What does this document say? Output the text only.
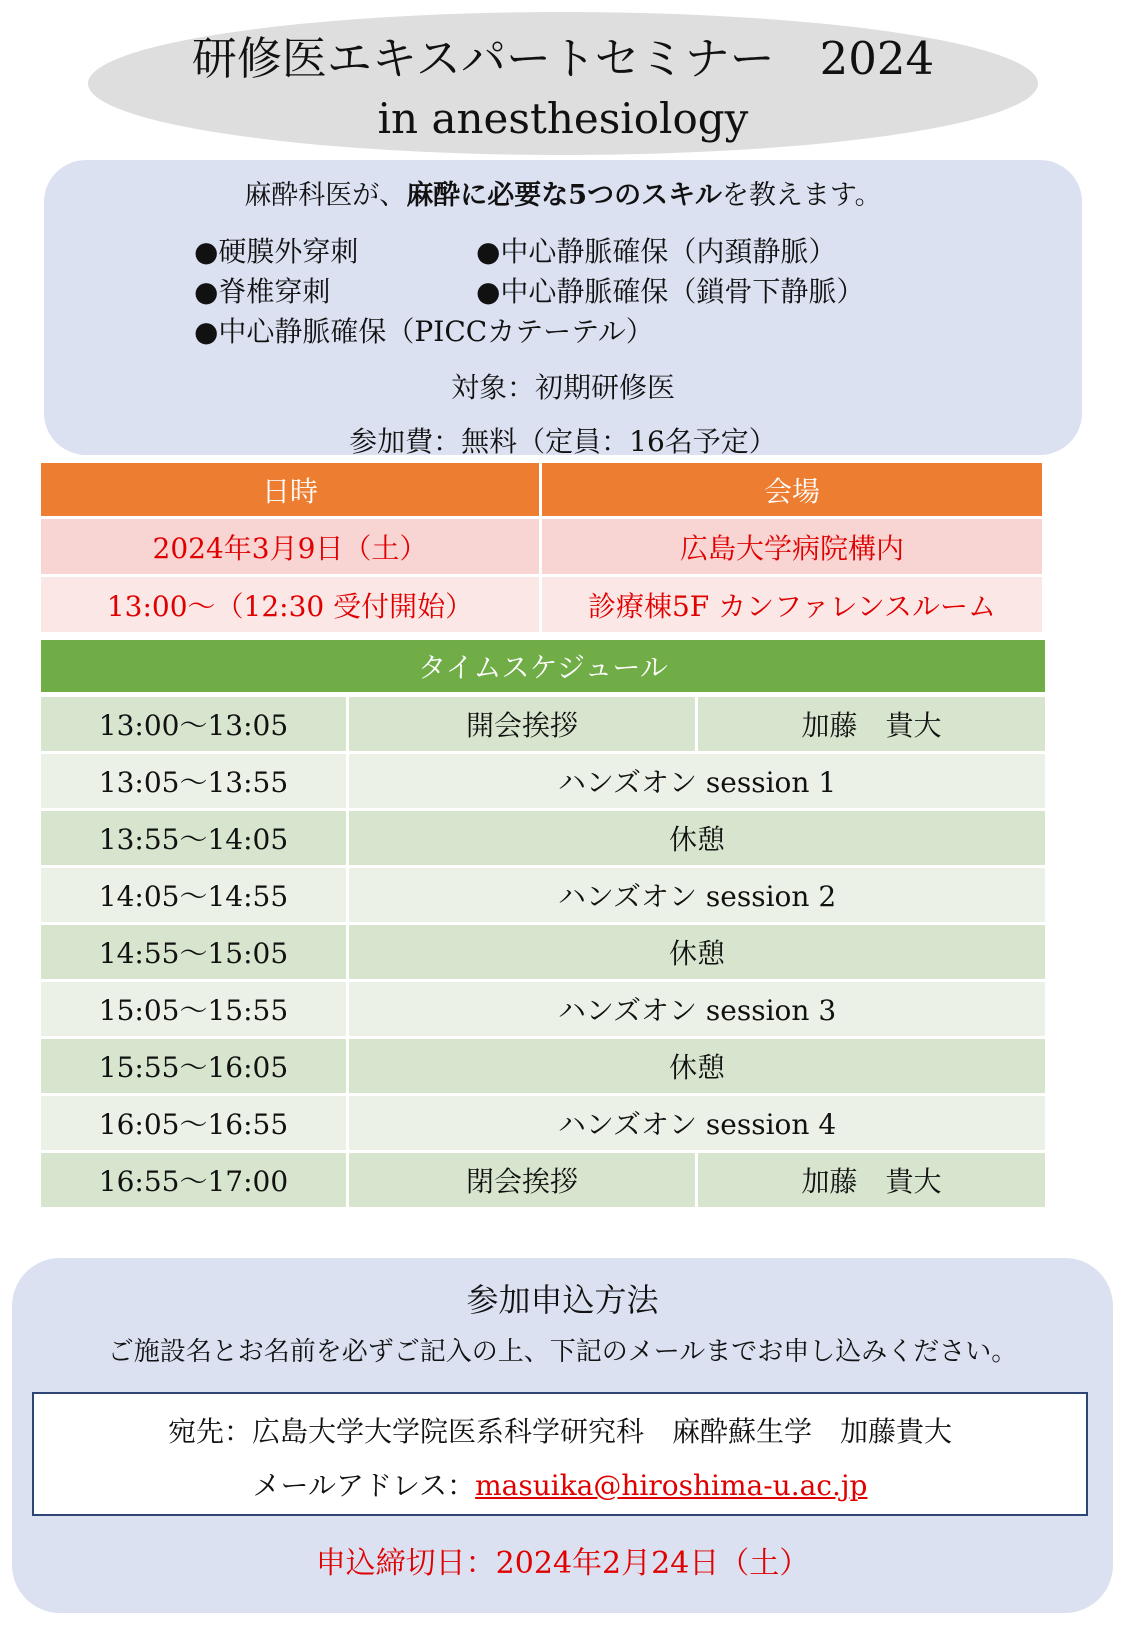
研修医エキスパートセミナー　2024
in anesthesiology
麻酔科医が、麻酔に必要な5つのスキルを教えます。
●硬膜外穿刺	●中心静脈確保（内頚静脈）
●脊椎穿刺	●中心静脈確保（鎖骨下静脈）
●中心静脈確保（PICCカテーテル）
対象：初期研修医
参加費：無料（定員：16名予定）
日時	会場
2024年3月9日（土）	広島大学病院構内
13:00～（12:30 受付開始）	診療棟5F カンファレンスルーム
タイムスケジュール
13:00～13:05	開会挨拶	加藤　貴大
13:05～13:55	ハンズオン session 1
13:55～14:05	休憩
14:05～14:55	ハンズオン session 2
14:55～15:05	休憩
15:05～15:55	ハンズオン session 3
15:55～16:05	休憩
16:05～16:55	ハンズオン session 4
16:55～17:00	閉会挨拶	加藤　貴大
参加申込方法
ご施設名とお名前を必ずご記入の上、下記のメールまでお申し込みください。
宛先：広島大学大学院医系科学研究科　麻酔蘇生学　加藤貴大
メールアドレス：masuika@hiroshima-u.ac.jp
申込締切日：2024年2月24日（土）
